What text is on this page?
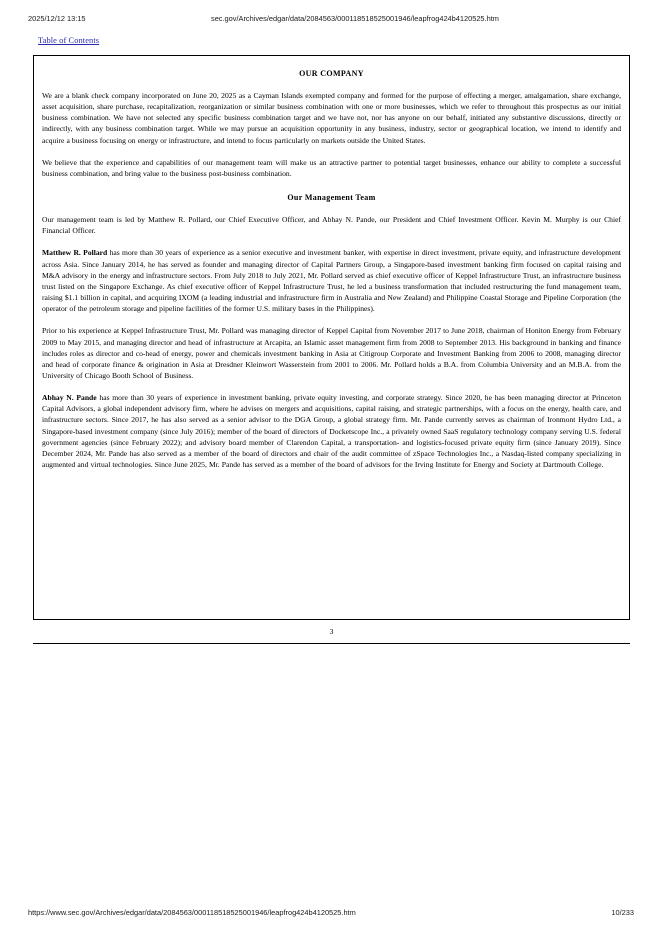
2025/12/12 13:15	sec.gov/Archives/edgar/data/2084563/000118518525001946/leapfrog424b4120525.htm
Table of Contents
OUR COMPANY

We are a blank check company incorporated on June 20, 2025 as a Cayman Islands exempted company and formed for the purpose of effecting a merger, amalgamation, share exchange, asset acquisition, share purchase, recapitalization, reorganization or similar business combination with one or more businesses, which we refer to throughout this prospectus as our initial business combination. We have not selected any specific business combination target and we have not, nor has anyone on our behalf, initiated any substantive discussions, directly or indirectly, with any business combination target. While we may pursue an acquisition opportunity in any business, industry, sector or geographical location, we intend to identify and acquire a business focusing on energy or infrastructure, and intend to focus particularly on markets outside the United States.

We believe that the experience and capabilities of our management team will make us an attractive partner to potential target businesses, enhance our ability to complete a successful business combination, and bring value to the business post-business combination.

Our Management Team

Our management team is led by Matthew R. Pollard, our Chief Executive Officer, and Abhay N. Pande, our President and Chief Investment Officer. Kevin M. Murphy is our Chief Financial Officer.

Matthew R. Pollard has more than 30 years of experience as a senior executive and investment banker, with expertise in direct investment, private equity, and infrastructure development across Asia. Since January 2014, he has served as founder and managing director of Capital Partners Group, a Singapore-based investment banking firm focused on capital raising and M&A advisory in the energy and infrastructure sectors. From July 2018 to July 2021, Mr. Pollard served as chief executive officer of Keppel Infrastructure Trust, an infrastructure business trust listed on the Singapore Exchange. As chief executive officer of Keppel Infrastructure Trust, he led a business transformation that included restructuring the fund management team, raising $1.1 billion in capital, and acquiring IXOM (a leading industrial and infrastructure firm in Australia and New Zealand) and Philippine Coastal Storage and Pipeline Corporation (the operator of the petroleum storage and pipeline facilities of the former U.S. military bases in the Philippines).

Prior to his experience at Keppel Infrastructure Trust, Mr. Pollard was managing director of Keppel Capital from November 2017 to June 2018, chairman of Honiton Energy from February 2009 to May 2015, and managing director and head of infrastructure at Arcapita, an Islamic asset management firm from 2008 to September 2013. His background in banking and finance includes roles as director and co-head of energy, power and chemicals investment banking in Asia at Citigroup Corporate and Investment Banking from 2006 to 2008, managing director and head of corporate finance & origination in Asia at Dresdner Kleinwort Wasserstein from 2001 to 2006. Mr. Pollard holds a B.A. from Columbia University and an M.B.A. from the University of Chicago Booth School of Business.

Abhay N. Pande has more than 30 years of experience in investment banking, private equity investing, and corporate strategy. Since 2020, he has been managing director at Princeton Capital Advisors, a global independent advisory firm, where he advises on mergers and acquisitions, capital raising, and strategic partnerships, with a focus on the energy, health care, and infrastructure sectors. Since 2017, he has also served as a senior advisor to the DGA Group, a global strategy firm. Mr. Pande currently serves as chairman of Ironmont Hydro Ltd., a Singapore-based investment company (since July 2016); member of the board of directors of Docketscope Inc., a privately owned SaaS regulatory technology company serving U.S. federal government agencies (since February 2022); and advisory board member of Clarendon Capital, a transportation- and logistics-focused private equity firm (since January 2019). Since December 2024, Mr. Pande has also served as a member of the board of directors and chair of the audit committee of zSpace Technologies Inc., a Nasdaq-listed company specializing in augmented and virtual technologies. Since June 2025, Mr. Pande has served as a member of the board of advisors for the Irving Institute for Energy and Society at Dartmouth College.

3
https://www.sec.gov/Archives/edgar/data/2084563/000118518525001946/leapfrog424b4120525.htm	10/233
